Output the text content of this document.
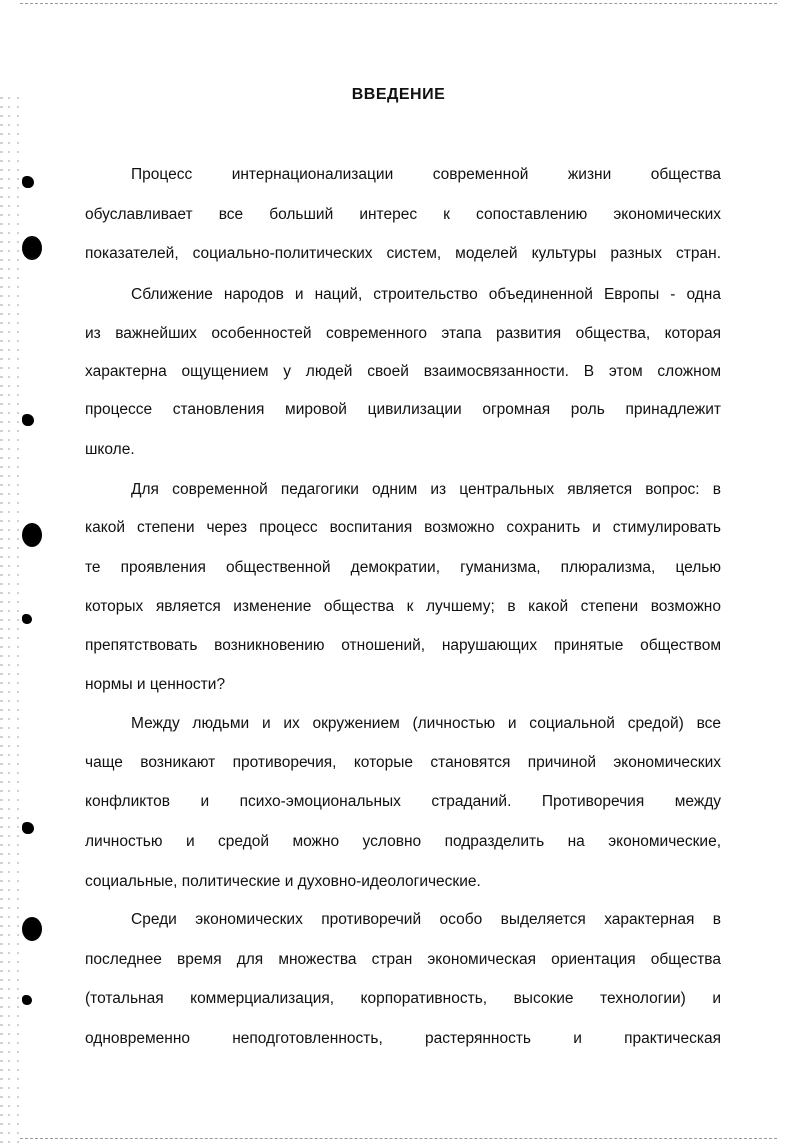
ВВЕДЕНИЕ
Процесс интернационализации современной жизни общества
обуславливает все больший интерес к сопоставлению экономических
показателей, социально-политических систем, моделей культуры разных стран.
Сближение народов и наций, строительство объединенной Европы - одна
из важнейших особенностей современного этапа развития общества, которая
характерна ощущением у людей своей взаимосвязанности. В этом сложном
процессе становления мировой цивилизации огромная роль принадлежит
школе.
Для современной педагогики одним из центральных является вопрос: в
какой степени через процесс воспитания возможно сохранить и стимулировать
те проявления общественной демократии, гуманизма, плюрализма, целью
которых является изменение общества к лучшему; в какой степени возможно
препятствовать возникновению отношений, нарушающих принятые обществом
нормы и ценности?
Между людьми и их окружением (личностью и социальной средой) все
чаще возникают противоречия, которые становятся причиной экономических
конфликтов и психо-эмоциональных страданий. Противоречия между
личностью и средой можно условно подразделить на экономические,
социальные, политические и духовно-идеологические.
Среди экономических противоречий особо выделяется характерная в
последнее время для множества стран экономическая ориентация общества
(тотальная коммерциализация, корпоративность, высокие технологии) и
одновременно неподготовленность, растерянность и практическая
